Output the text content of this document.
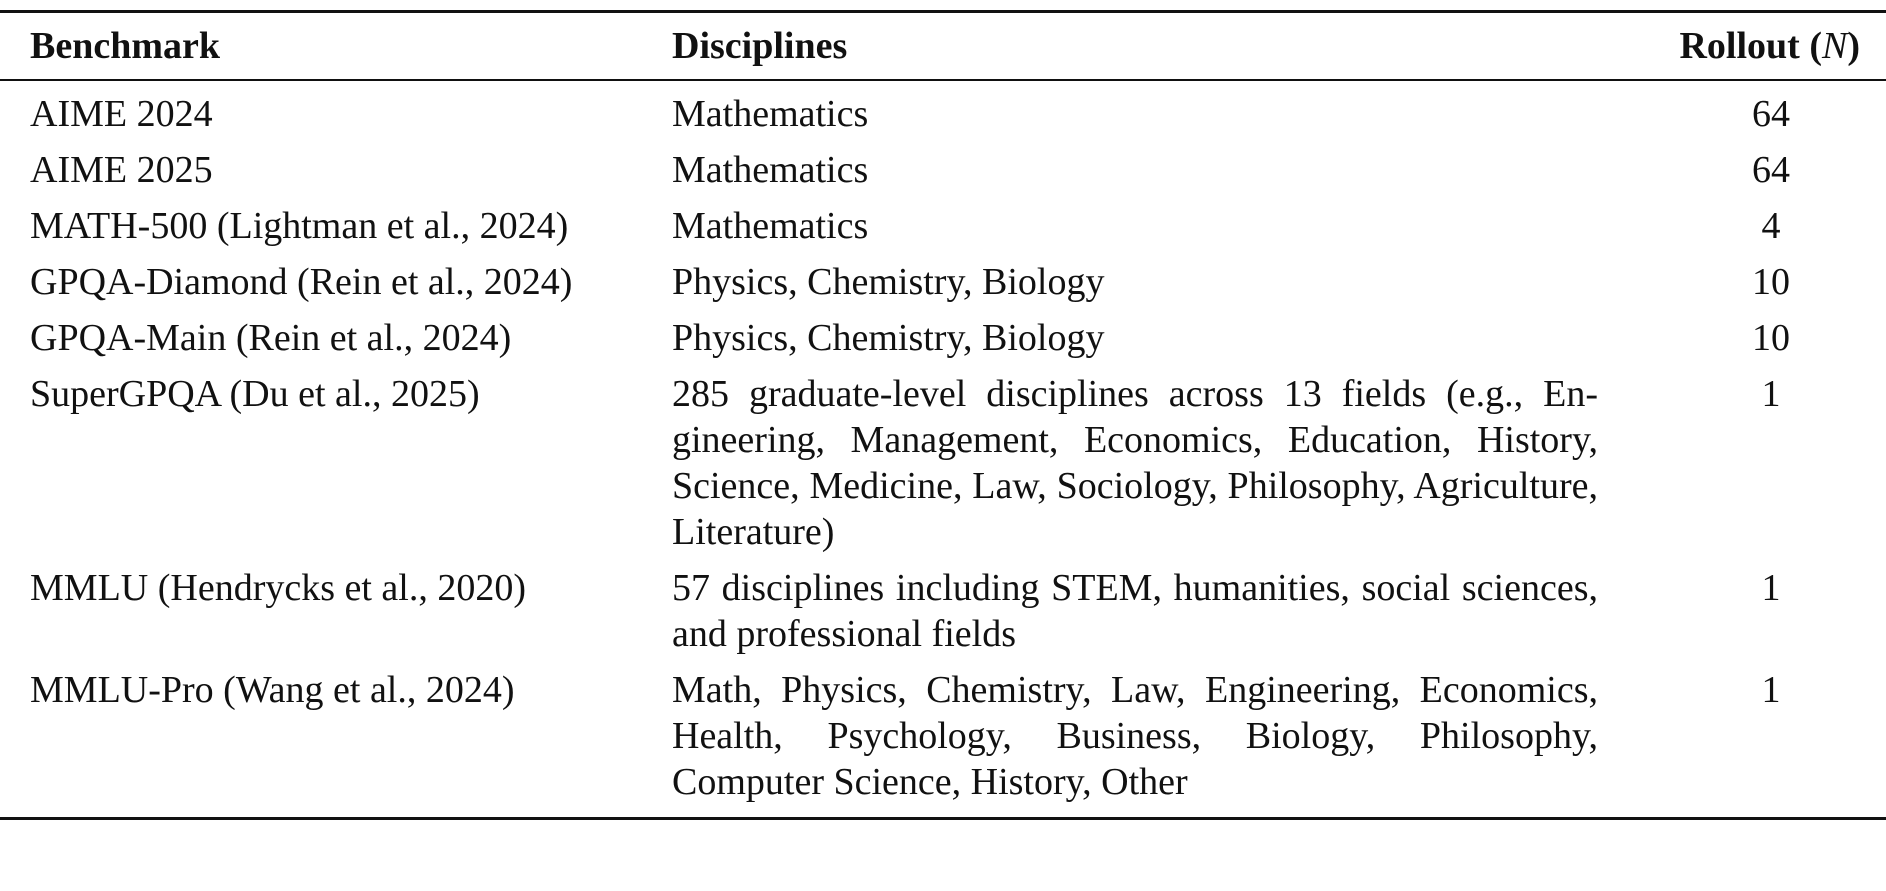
Benchmark	Disciplines	Rollout (N)
AIME 2024	Mathematics	64
AIME 2025	Mathematics	64
MATH-500 (Lightman et al., 2024)	Mathematics	4
GPQA-Diamond (Rein et al., 2024)	Physics, Chemistry, Biology	10
GPQA-Main (Rein et al., 2024)	Physics, Chemistry, Biology	10
SuperGPQA (Du et al., 2025)	285 graduate-level disciplines across 13 fields (e.g., Engineering, Management, Economics, Education, History, Science, Medicine, Law, Sociology, Philosophy, Agriculture, Literature)	1
MMLU (Hendrycks et al., 2020)	57 disciplines including STEM, humanities, social sciences, and professional fields	1
MMLU-Pro (Wang et al., 2024)	Math, Physics, Chemistry, Law, Engineering, Economics, Health, Psychology, Business, Biology, Philosophy, Computer Science, History, Other	1
